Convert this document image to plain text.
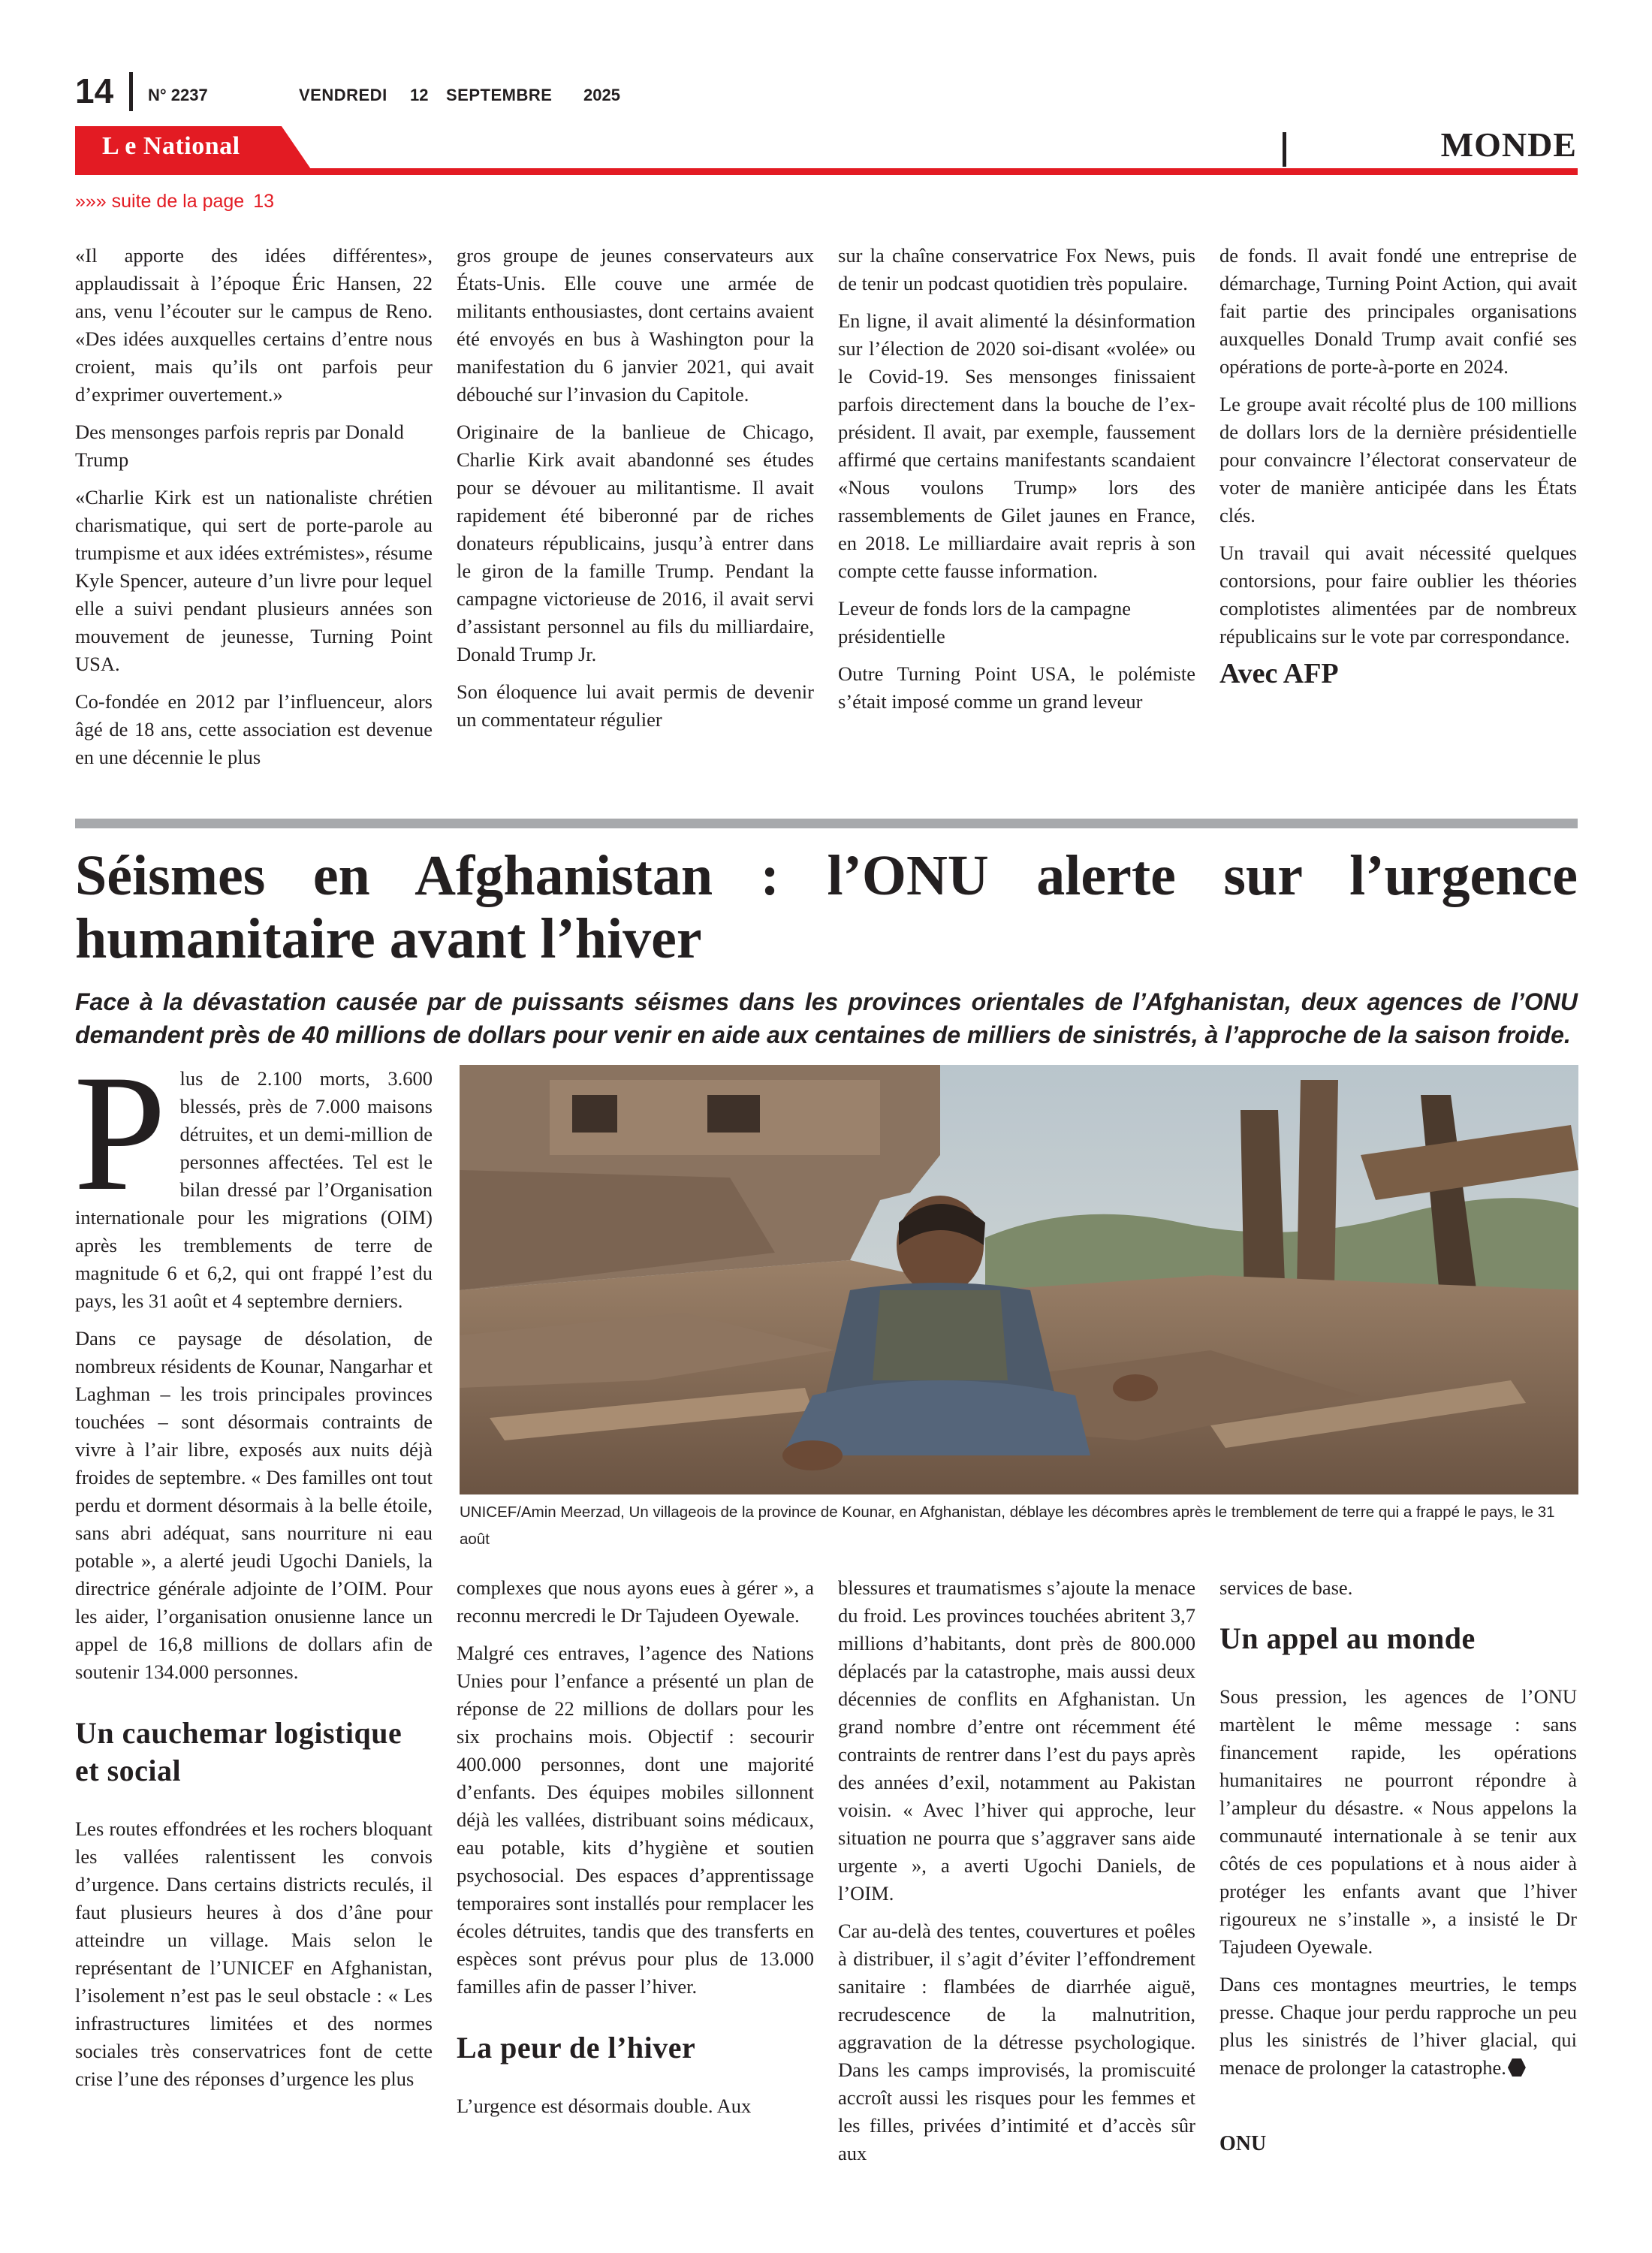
14 N° 2237	VENDREDI 12 SEPTEMBRE 2025
L e National	MONDE
»»» suite de la page 13

«Il apporte des idées différentes», applaudissait à l’époque Éric Hansen, 22 ans, venu l’écouter sur le campus de Reno. «Des idées auxquelles certains d’entre nous croient, mais qu’ils ont parfois peur d’exprimer ouvertement.»

Des mensonges parfois repris par Donald Trump

«Charlie Kirk est un nationaliste chrétien charismatique, qui sert de porte-parole au trumpisme et aux idées extrémistes», résume Kyle Spencer, auteure d’un livre pour lequel elle a suivi pendant plusieurs années son mouvement de jeunesse, Turning Point USA.

Co-fondée en 2012 par l’influenceur, alors âgé de 18 ans, cette association est devenue en une décennie le plus

gros groupe de jeunes conservateurs aux États-Unis. Elle couve une armée de militants enthousiastes, dont certains avaient été envoyés en bus à Washington pour la manifestation du 6 janvier 2021, qui avait débouché sur l’invasion du Capitole.

Originaire de la banlieue de Chicago, Charlie Kirk avait abandonné ses études pour se dévouer au militantisme. Il avait rapidement été biberonné par de riches donateurs républicains, jusqu’à entrer dans le giron de la famille Trump. Pendant la campagne victorieuse de 2016, il avait servi d’assistant personnel au fils du milliardaire, Donald Trump Jr.

Son éloquence lui avait permis de devenir un commentateur régulier

sur la chaîne conservatrice Fox News, puis de tenir un podcast quotidien très populaire.

En ligne, il avait alimenté la désinformation sur l’élection de 2020 soi-disant «volée» ou le Covid-19. Ses mensonges finissaient parfois directement dans la bouche de l’ex-président. Il avait, par exemple, faussement affirmé que certains manifestants scandaient «Nous voulons Trump» lors des rassemblements de Gilet jaunes en France, en 2018. Le milliardaire avait repris à son compte cette fausse information.

Leveur de fonds lors de la campagne présidentielle

Outre Turning Point USA, le polémiste s’était imposé comme un grand leveur

de fonds. Il avait fondé une entreprise de démarchage, Turning Point Action, qui avait fait partie des principales organisations auxquelles Donald Trump avait confié ses opérations de porte-à-porte en 2024.

Le groupe avait récolté plus de 100 millions de dollars lors de la dernière présidentielle pour convaincre l’électorat conservateur de voter de manière anticipée dans les États clés.

Un travail qui avait nécessité quelques contorsions, pour faire oublier les théories complotistes alimentées par de nombreux républicains sur le vote par correspondance.

Avec AFP
Séismes en Afghanistan : l’ONU alerte sur l’urgence
humanitaire avant l’hiver
Face à la dévastation causée par de puissants séismes dans les provinces orientales de l’Afghanistan, deux agences de l’ONU demandent près de 40 millions de dollars pour venir en aide aux centaines de milliers de sinistrés, à l’approche de la saison froide.
UNICEF/Amin Meerzad, Un villageois de la province de Kounar, en Afghanistan, déblaye les décombres après le tremblement de terre qui a frappé le pays, le 31 août

Plus de 2.100 morts, 3.600 blessés, près de 7.000 maisons détruites, et un demi-million de personnes affectées. Tel est le bilan dressé par l’Organisation internationale pour les migrations (OIM) après les tremblements de terre de magnitude 6 et 6,2, qui ont frappé l’est du pays, les 31 août et 4 septembre derniers.

Dans ce paysage de désolation, de nombreux résidents de Kounar, Nangarhar et Laghman – les trois principales provinces touchées – sont désormais contraints de vivre à l’air libre, exposés aux nuits déjà froides de septembre. « Des familles ont tout perdu et dorment désormais à la belle étoile, sans abri adéquat, sans nourriture ni eau potable », a alerté jeudi Ugochi Daniels, la directrice générale adjointe de l’OIM. Pour les aider, l’organisation onusienne lance un appel de 16,8 millions de dollars afin de soutenir 134.000 personnes.

Un cauchemar logistique et social

Les routes effondrées et les rochers bloquant les vallées ralentissent les convois d’urgence. Dans certains districts reculés, il faut plusieurs heures à dos d’âne pour atteindre un village. Mais selon le représentant de l’UNICEF en Afghanistan, l’isolement n’est pas le seul obstacle : « Les infrastructures limitées et des normes sociales très conservatrices font de cette crise l’une des réponses d’urgence les plus

complexes que nous ayons eues à gérer », a reconnu mercredi le Dr Tajudeen Oyewale.

Malgré ces entraves, l’agence des Nations Unies pour l’enfance a présenté un plan de réponse de 22 millions de dollars pour les six prochains mois. Objectif : secourir 400.000 personnes, dont une majorité d’enfants. Des équipes mobiles sillonnent déjà les vallées, distribuant soins médicaux, eau potable, kits d’hygiène et soutien psychosocial. Des espaces d’apprentissage temporaires sont installés pour remplacer les écoles détruites, tandis que des transferts en espèces sont prévus pour plus de 13.000 familles afin de passer l’hiver.

La peur de l’hiver

L’urgence est désormais double. Aux

blessures et traumatismes s’ajoute la menace du froid. Les provinces touchées abritent 3,7 millions d’habitants, dont près de 800.000 déplacés par la catastrophe, mais aussi deux décennies de conflits en Afghanistan. Un grand nombre d’entre ont récemment été contraints de rentrer dans l’est du pays après des années d’exil, notamment au Pakistan voisin. « Avec l’hiver qui approche, leur situation ne pourra que s’aggraver sans aide urgente », a averti Ugochi Daniels, de l’OIM.

Car au-delà des tentes, couvertures et poêles à distribuer, il s’agit d’éviter l’effondrement sanitaire : flambées de diarrhée aiguë, recrudescence de la malnutrition, aggravation de la détresse psychologique. Dans les camps improvisés, la promiscuité accroît aussi les risques pour les femmes et les filles, privées d’intimité et d’accès sûr aux

services de base.

Un appel au monde

Sous pression, les agences de l’ONU martèlent le même message : sans financement rapide, les opérations humanitaires ne pourront répondre à l’ampleur du désastre. « Nous appelons la communauté internationale à se tenir aux côtés de ces populations et à nous aider à protéger les enfants avant que l’hiver rigoureux ne s’installe », a insisté le Dr Tajudeen Oyewale.

Dans ces montagnes meurtries, le temps presse. Chaque jour perdu rapproche un peu plus les sinistrés de l’hiver glacial, qui menace de prolonger la catastrophe.

ONU
